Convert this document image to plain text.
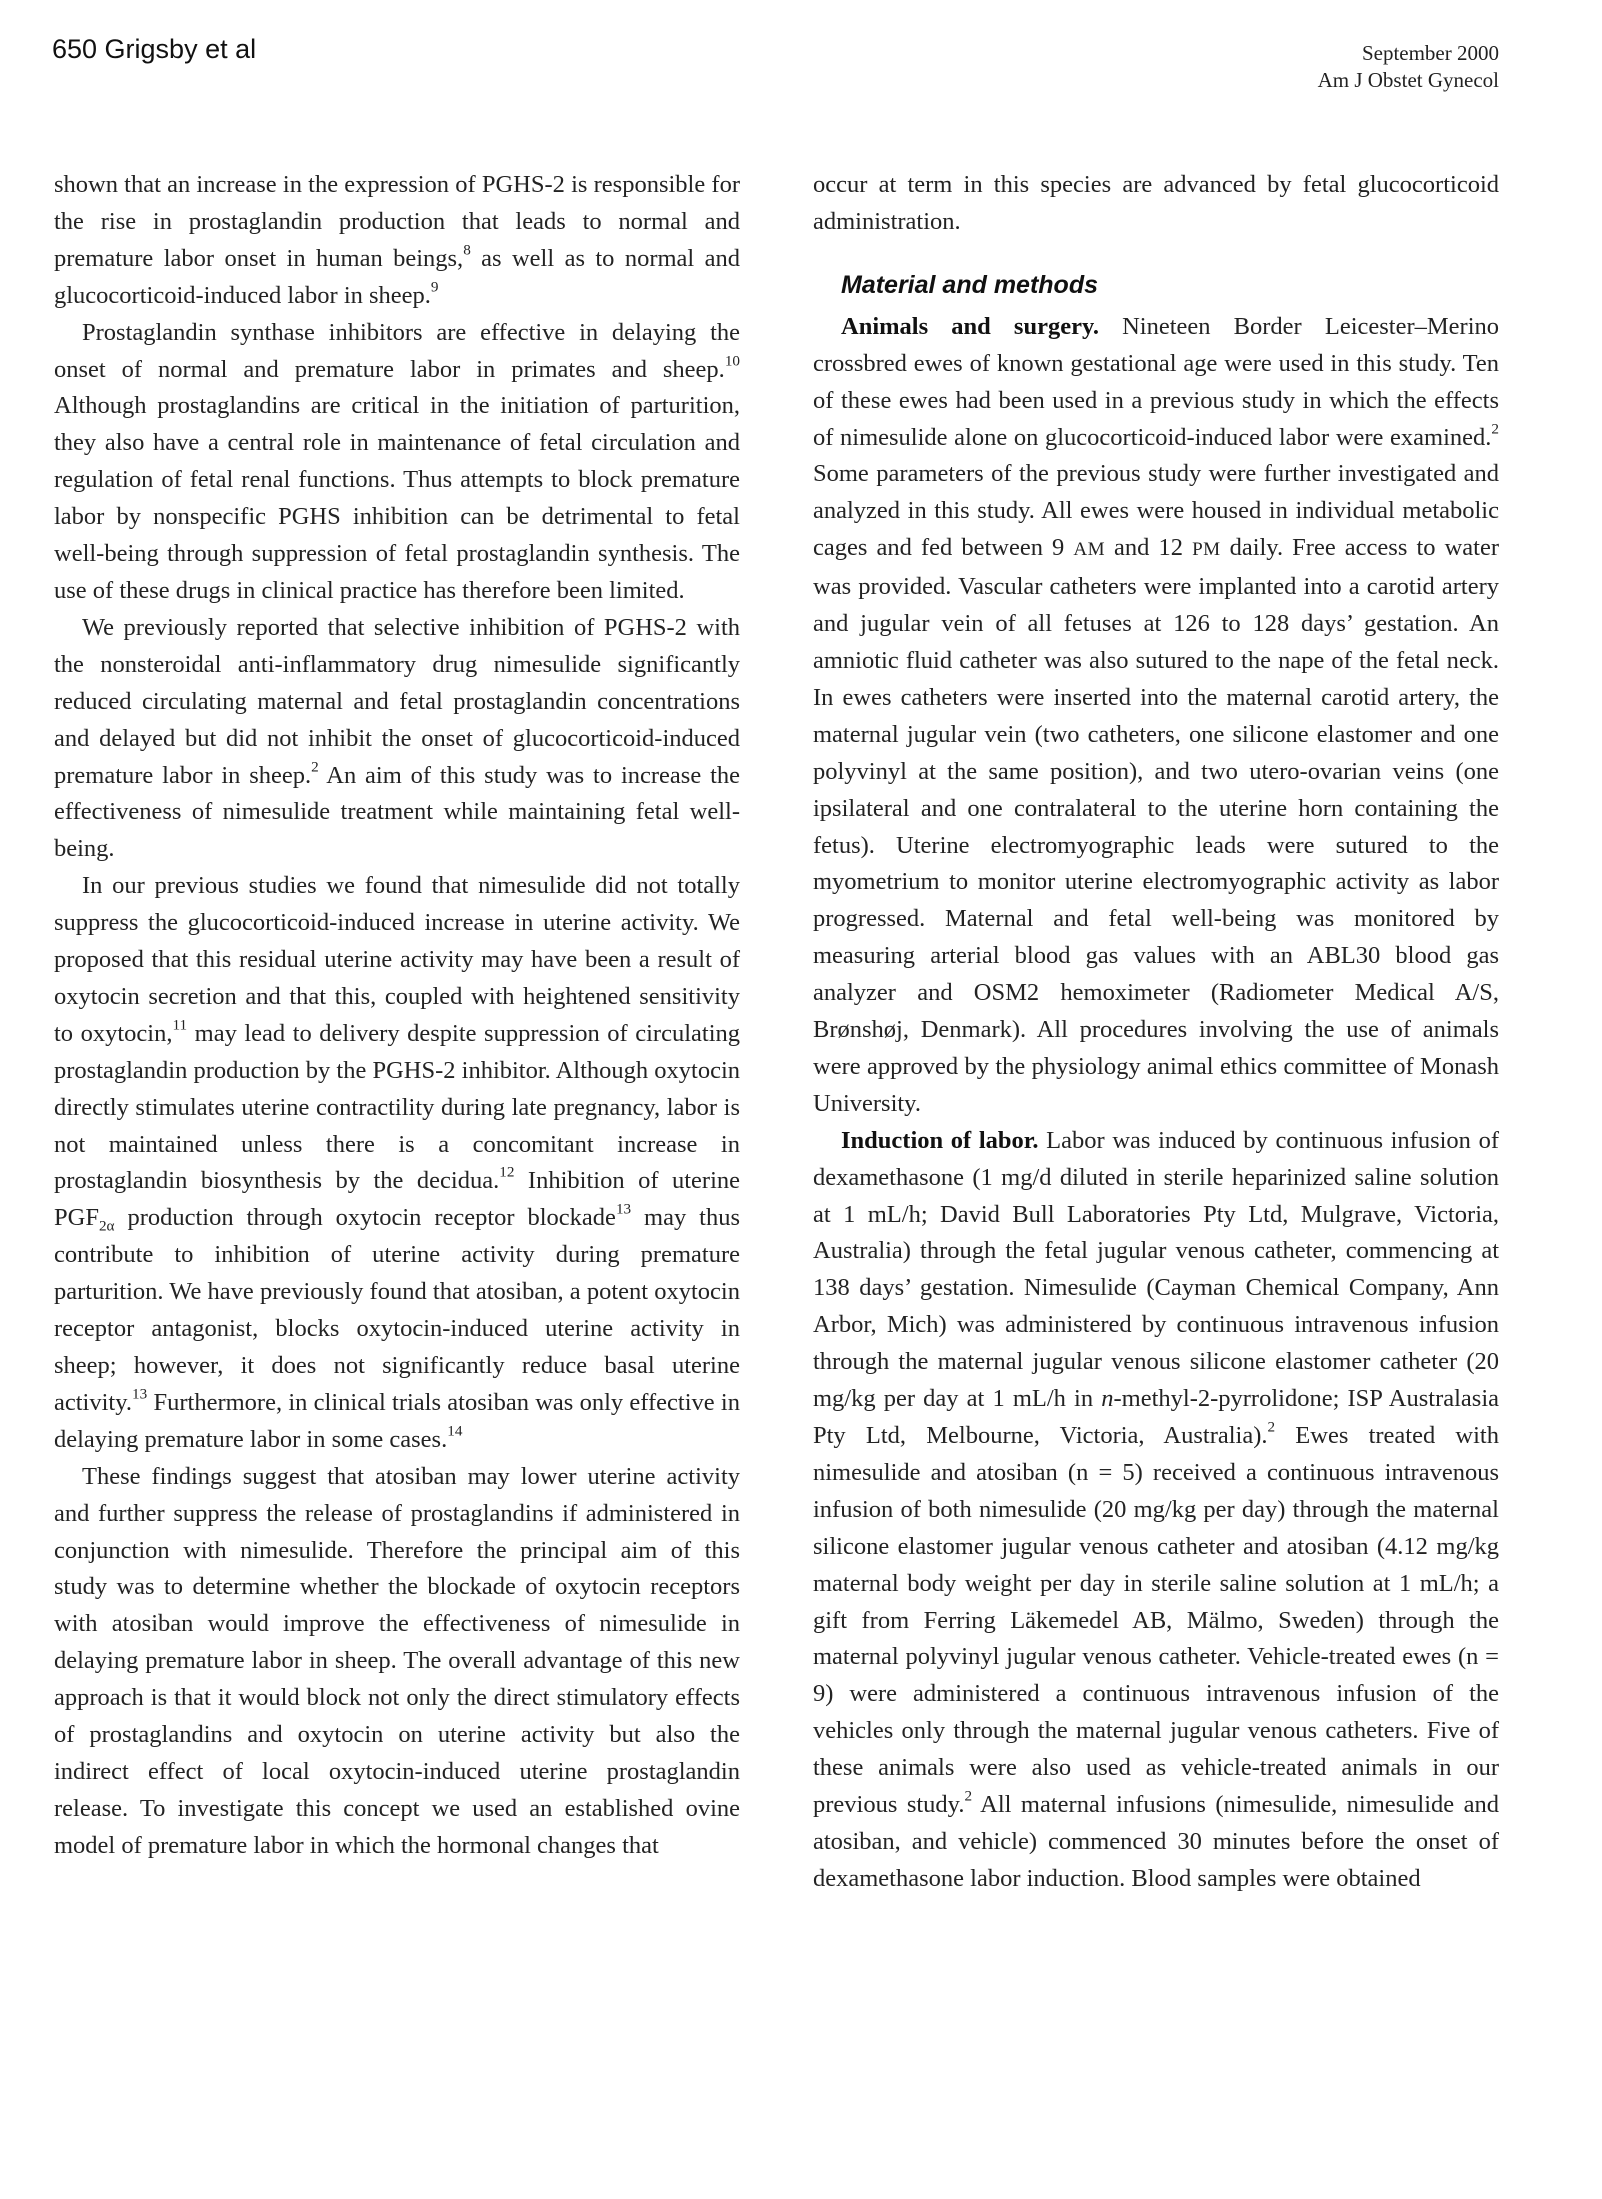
650 Grigsby et al	September 2000
Am J Obstet Gynecol

shown that an increase in the expression of PGHS-2 is responsible for the rise in prostaglandin production that leads to normal and premature labor onset in human beings,$^8$ as well as to normal and glucocorticoid-induced labor in sheep.$^9$

Prostaglandin synthase inhibitors are effective in delaying the onset of normal and premature labor in primates and sheep.$^{10}$ Although prostaglandins are critical in the initiation of parturition, they also have a central role in maintenance of fetal circulation and regulation of fetal renal functions. Thus attempts to block premature labor by nonspecific PGHS inhibition can be detrimental to fetal well-being through suppression of fetal prostaglandin synthesis. The use of these drugs in clinical practice has therefore been limited.

We previously reported that selective inhibition of PGHS-2 with the nonsteroidal anti-inflammatory drug nimesulide significantly reduced circulating maternal and fetal prostaglandin concentrations and delayed but did not inhibit the onset of glucocorticoid-induced premature labor in sheep.$^2$ An aim of this study was to increase the effectiveness of nimesulide treatment while maintaining fetal well-being.

In our previous studies we found that nimesulide did not totally suppress the glucocorticoid-induced increase in uterine activity. We proposed that this residual uterine activity may have been a result of oxytocin secretion and that this, coupled with heightened sensitivity to oxytocin,$^{11}$ may lead to delivery despite suppression of circulating prostaglandin production by the PGHS-2 inhibitor. Although oxytocin directly stimulates uterine contractility during late pregnancy, labor is not maintained unless there is a concomitant increase in prostaglandin biosynthesis by the decidua.$^{12}$ Inhibition of uterine $PGF_{2\alpha}$ production through oxytocin receptor blockade$^{13}$ may thus contribute to inhibition of uterine activity during premature parturition. We have previously found that atosiban, a potent oxytocin receptor antagonist, blocks oxytocin-induced uterine activity in sheep; however, it does not significantly reduce basal uterine activity.$^{13}$ Furthermore, in clinical trials atosiban was only effective in delaying premature labor in some cases.$^{14}$

These findings suggest that atosiban may lower uterine activity and further suppress the release of prostaglandins if administered in conjunction with nimesulide. Therefore the principal aim of this study was to determine whether the blockade of oxytocin receptors with atosiban would improve the effectiveness of nimesulide in delaying premature labor in sheep. The overall advantage of this new approach is that it would block not only the direct stimulatory effects of prostaglandins and oxytocin on uterine activity but also the indirect effect of local oxytocin-induced uterine prostaglandin release. To investigate this concept we used an established ovine model of premature labor in which the hormonal changes that

occur at term in this species are advanced by fetal glucocorticoid administration.

Material and methods

Animals and surgery. Nineteen Border Leicester–Merino crossbred ewes of known gestational age were used in this study. Ten of these ewes had been used in a previous study in which the effects of nimesulide alone on glucocorticoid-induced labor were examined.$^2$ Some parameters of the previous study were further investigated and analyzed in this study. All ewes were housed in individual metabolic cages and fed between 9 AM and 12 PM daily. Free access to water was provided. Vascular catheters were implanted into a carotid artery and jugular vein of all fetuses at 126 to 128 days’ gestation. An amniotic fluid catheter was also sutured to the nape of the fetal neck. In ewes catheters were inserted into the maternal carotid artery, the maternal jugular vein (two catheters, one silicone elastomer and one polyvinyl at the same position), and two utero-ovarian veins (one ipsilateral and one contralateral to the uterine horn containing the fetus). Uterine electromyographic leads were sutured to the myometrium to monitor uterine electromyographic activity as labor progressed. Maternal and fetal well-being was monitored by measuring arterial blood gas values with an ABL30 blood gas analyzer and OSM2 hemoximeter (Radiometer Medical A/S, Brønshøj, Denmark). All procedures involving the use of animals were approved by the physiology animal ethics committee of Monash University.

Induction of labor. Labor was induced by continuous infusion of dexamethasone (1 mg/d diluted in sterile heparinized saline solution at 1 mL/h; David Bull Laboratories Pty Ltd, Mulgrave, Victoria, Australia) through the fetal jugular venous catheter, commencing at 138 days’ gestation. Nimesulide (Cayman Chemical Company, Ann Arbor, Mich) was administered by continuous intravenous infusion through the maternal jugular venous silicone elastomer catheter (20 mg/kg per day at 1 mL/h in n-methyl-2-pyrrolidone; ISP Australasia Pty Ltd, Melbourne, Victoria, Australia).$^2$ Ewes treated with nimesulide and atosiban (n = 5) received a continuous intravenous infusion of both nimesulide (20 mg/kg per day) through the maternal silicone elastomer jugular venous catheter and atosiban (4.12 mg/kg maternal body weight per day in sterile saline solution at 1 mL/h; a gift from Ferring Läkemedel AB, Mälmo, Sweden) through the maternal polyvinyl jugular venous catheter. Vehicle-treated ewes (n = 9) were administered a continuous intravenous infusion of the vehicles only through the maternal jugular venous catheters. Five of these animals were also used as vehicle-treated animals in our previous study.$^2$ All maternal infusions (nimesulide, nimesulide and atosiban, and vehicle) commenced 30 minutes before the onset of dexamethasone labor induction. Blood samples were obtained
